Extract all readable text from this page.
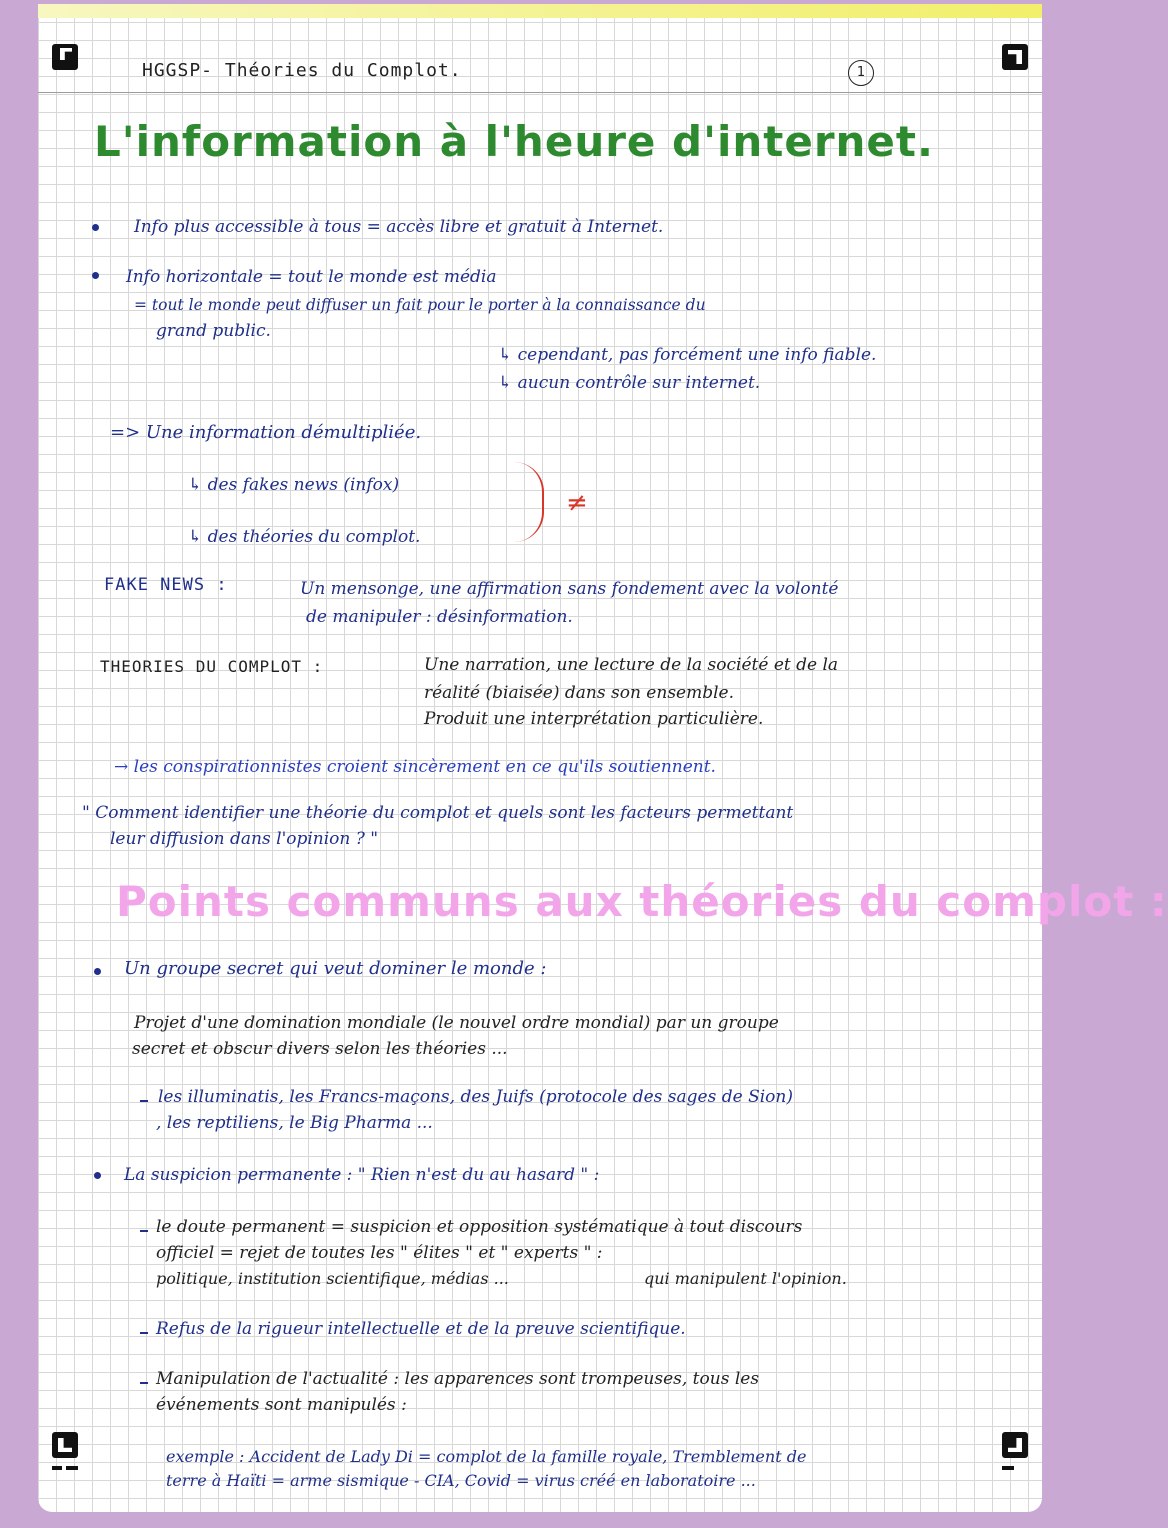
HGGSP- Théories du Complot.	1
L'information à l'heure d'internet.
Info plus accessible à tous = accès libre et gratuit à Internet.
Info horizontale = tout le monde est média
= tout le monde peut diffuser un fait pour le porter à la connaissance du
grand public.
↳ cependant, pas forcément une info fiable.
↳ aucun contrôle sur internet.
=> Une information démultipliée.
↳ des fakes news (infox)
↳ des théories du complot.
≠
FAKE NEWS :	Un mensonge, une affirmation sans fondement avec la volonté
de manipuler : désinformation.
THEORIES DU COMPLOT :	Une narration, une lecture de la société et de la
réalité (biaisée) dans son ensemble.
Produit une interprétation particulière.
→ les conspirationnistes croient sincèrement en ce qu'ils soutiennent.
" Comment identifier une théorie du complot et quels sont les facteurs permettant
leur diffusion dans l'opinion ? "
Points communs aux théories du complot :
Un groupe secret qui veut dominer le monde :
Projet d'une domination mondiale (le nouvel ordre mondial) par un groupe
secret et obscur divers selon les théories ...
les illuminatis, les Francs-maçons, des Juifs (protocole des sages de Sion)
, les reptiliens, le Big Pharma ...
La suspicion permanente : " Rien n'est du au hasard " :
le doute permanent = suspicion et opposition systématique à tout discours
officiel = rejet de toutes les " élites " et " experts " :
politique, institution scientifique, médias ...	qui manipulent l'opinion.
Refus de la rigueur intellectuelle et de la preuve scientifique.
Manipulation de l'actualité : les apparences sont trompeuses, tous les
événements sont manipulés :
exemple : Accident de Lady Di = complot de la famille royale, Tremblement de
terre à Haïti = arme sismique - CIA, Covid = virus créé en laboratoire ...
